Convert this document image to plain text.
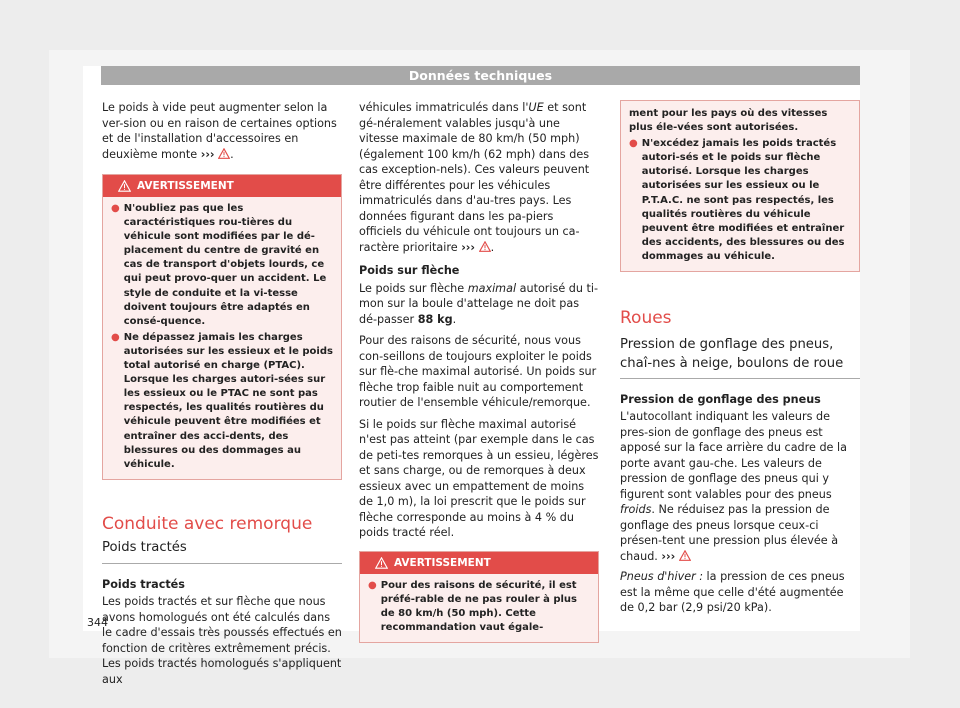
Données techniques

Le poids à vide peut augmenter selon la ver-sion ou en raison de certaines options et de l'installation d'accessoires en deuxième monte ››› .

AVERTISSEMENT
● N'oubliez pas que les caractéristiques rou-tières du véhicule sont modifiées par le dé-placement du centre de gravité en cas de transport d'objets lourds, ce qui peut provo-quer un accident. Le style de conduite et la vi-tesse doivent toujours être adaptés en consé-quence.
● Ne dépassez jamais les charges autorisées sur les essieux et le poids total autorisé en charge (PTAC). Lorsque les charges autori-sées sur les essieux ou le PTAC ne sont pas respectés, les qualités routières du véhicule peuvent être modifiées et entraîner des acci-dents, des blessures ou des dommages au véhicule.
Conduite avec remorque
Poids tractés

Poids tractés

Les poids tractés et sur flèche que nous avons homologués ont été calculés dans le cadre d'essais très poussés effectués en fonction de critères extrêmement précis. Les poids tractés homologués s'appliquent aux

véhicules immatriculés dans l'UE et sont gé-néralement valables jusqu'à une vitesse maximale de 80 km/h (50 mph) (également 100 km/h (62 mph) dans des cas exception-nels). Ces valeurs peuvent être différentes pour les véhicules immatriculés dans d'au-tres pays. Les données figurant dans les pa-piers officiels du véhicule ont toujours un ca-ractère prioritaire ››› .

Poids sur flèche

Le poids sur flèche maximal autorisé du ti-mon sur la boule d'attelage ne doit pas dé-passer 88 kg.

Pour des raisons de sécurité, nous vous con-seillons de toujours exploiter le poids sur flè-che maximal autorisé. Un poids sur flèche trop faible nuit au comportement routier de l'ensemble véhicule/remorque.

Si le poids sur flèche maximal autorisé n'est pas atteint (par exemple dans le cas de peti-tes remorques à un essieu, légères et sans charge, ou de remorques à deux essieux avec un empattement de moins de 1,0 m), la loi prescrit que le poids sur flèche corresponde au moins à 4 % du poids tracté réel.

AVERTISSEMENT
● Pour des raisons de sécurité, il est préfé-rable de ne pas rouler à plus de 80 km/h (50 mph). Cette recommandation vaut égale-
ment pour les pays où des vitesses plus éle-vées sont autorisées.
● N'excédez jamais les poids tractés autori-sés et le poids sur flèche autorisé. Lorsque les charges autorisées sur les essieux ou le P.T.A.C. ne sont pas respectés, les qualités routières du véhicule peuvent être modifiées et entraîner des accidents, des blessures ou des dommages au véhicule.
Roues
Pression de gonflage des pneus, chaî-nes à neige, boulons de roue

Pression de gonflage des pneus

L'autocollant indiquant les valeurs de pres-sion de gonflage des pneus est apposé sur la face arrière du cadre de la porte avant gau-che. Les valeurs de pression de gonflage des pneus qui y figurent sont valables pour des pneus froids. Ne réduisez pas la pression de gonflage des pneus lorsque ceux-ci présen-tent une pression plus élevée à chaud. ›››

Pneus d'hiver : la pression de ces pneus est la même que celle d'été augmentée de 0,2 bar (2,9 psi/20 kPa).

344
